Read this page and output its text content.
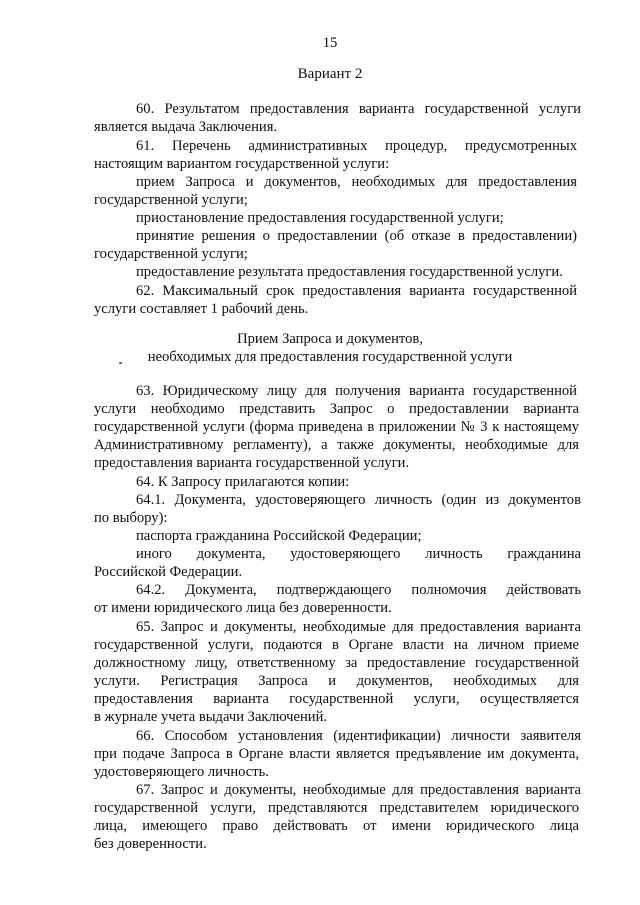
15
Вариант 2
60. Результатом предоставления варианта государственной услуги
является выдача Заключения.
61. Перечень административных процедур, предусмотренных
настоящим вариантом государственной услуги:
прием Запроса и документов, необходимых для предоставления
государственной услуги;
приостановление предоставления государственной услуги;
принятие решения о предоставлении (об отказе в предоставлении)
государственной услуги;
предоставление результата предоставления государственной услуги.
62. Максимальный срок предоставления варианта государственной
услуги составляет 1 рабочий день.
Прием Запроса и документов,
необходимых для предоставления государственной услуги
63. Юридическому лицу для получения варианта государственной
услуги необходимо представить Запрос о предоставлении варианта
государственной услуги (форма приведена в приложении № 3 к настоящему
Административному регламенту), а также документы, необходимые для
предоставления варианта государственной услуги.
64. К Запросу прилагаются копии:
64.1. Документа, удостоверяющего личность (один из документов
по выбору):
паспорта гражданина Российской Федерации;
иного документа, удостоверяющего личность гражданина
Российской Федерации.
64.2. Документа, подтверждающего полномочия действовать
от имени юридического лица без доверенности.
65. Запрос и документы, необходимые для предоставления варианта
государственной услуги, подаются в Органе власти на личном приеме
должностному лицу, ответственному за предоставление государственной
услуги. Регистрация Запроса и документов, необходимых для
предоставления варианта государственной услуги, осуществляется
в журнале учета выдачи Заключений.
66. Способом установления (идентификации) личности заявителя
при подаче Запроса в Органе власти является предъявление им документа,
удостоверяющего личность.
67. Запрос и документы, необходимые для предоставления варианта
государственной услуги, представляются представителем юридического
лица, имеющего право действовать от имени юридического лица
без доверенности.
